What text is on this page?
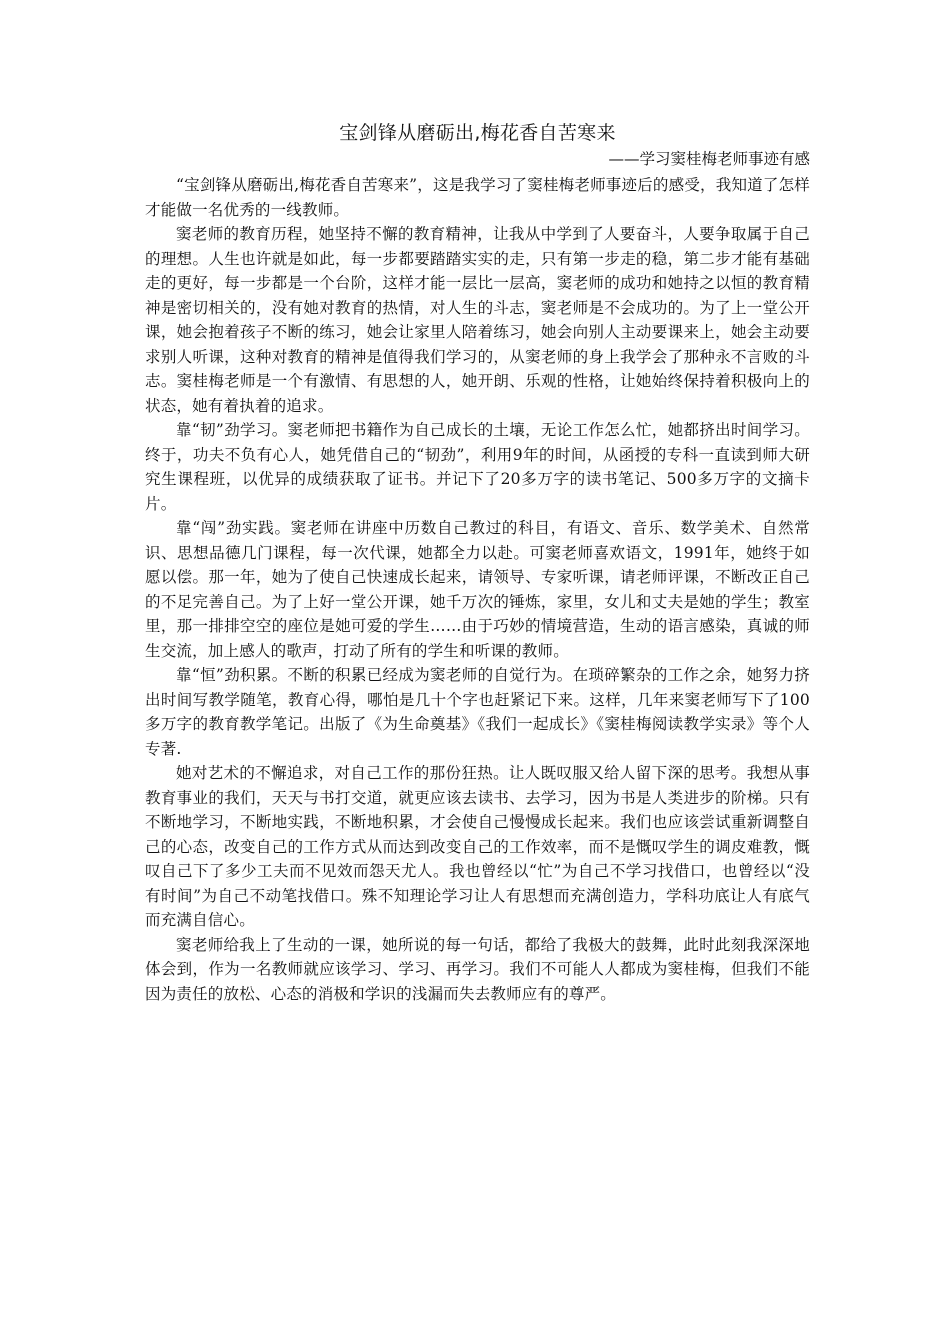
宝剑锋从磨砺出,梅花香自苦寒来
——学习窦桂梅老师事迹有感

“宝剑锋从磨砺出,梅花香自苦寒来”，这是我学习了窦桂梅老师事迹后的感受，我知道了怎样才能做一名优秀的一线教师。

窦老师的教育历程，她坚持不懈的教育精神，让我从中学到了人要奋斗，人要争取属于自己的理想。人生也许就是如此，每一步都要踏踏实实的走，只有第一步走的稳，第二步才能有基础走的更好，每一步都是一个台阶，这样才能一层比一层高，窦老师的成功和她持之以恒的教育精神是密切相关的，没有她对教育的热情，对人生的斗志，窦老师是不会成功的。为了上一堂公开课，她会抱着孩子不断的练习，她会让家里人陪着练习，她会向别人主动要课来上，她会主动要求别人听课，这种对教育的精神是值得我们学习的，从窦老师的身上我学会了那种永不言败的斗志。窦桂梅老师是一个有激情、有思想的人，她开朗、乐观的性格，让她始终保持着积极向上的状态，她有着执着的追求。

靠“韧”劲学习。窦老师把书籍作为自己成长的土壤，无论工作怎么忙，她都挤出时间学习。终于，功夫不负有心人，她凭借自己的“韧劲”，利用9年的时间，从函授的专科一直读到师大研究生课程班，以优异的成绩获取了证书。并记下了20多万字的读书笔记、500多万字的文摘卡片。

靠“闯”劲实践。窦老师在讲座中历数自己教过的科目，有语文、音乐、数学美术、自然常识、思想品德几门课程，每一次代课，她都全力以赴。可窦老师喜欢语文，1991年，她终于如愿以偿。那一年，她为了使自己快速成长起来，请领导、专家听课，请老师评课，不断改正自己的不足完善自己。为了上好一堂公开课，她千万次的锤炼，家里，女儿和丈夫是她的学生；教室里，那一排排空空的座位是她可爱的学生……由于巧妙的情境营造，生动的语言感染，真诚的师生交流，加上感人的歌声，打动了所有的学生和听课的教师。

靠“恒”劲积累。不断的积累已经成为窦老师的自觉行为。在琐碎繁杂的工作之余，她努力挤出时间写教学随笔，教育心得，哪怕是几十个字也赶紧记下来。这样，几年来窦老师写下了100多万字的教育教学笔记。出版了《为生命奠基》《我们一起成长》《窦桂梅阅读教学实录》等个人专著.

她对艺术的不懈追求，对自己工作的那份狂热。让人既叹服又给人留下深的思考。我想从事教育事业的我们，天天与书打交道，就更应该去读书、去学习，因为书是人类进步的阶梯。只有不断地学习，不断地实践，不断地积累，才会使自己慢慢成长起来。我们也应该尝试重新调整自己的心态，改变自己的工作方式从而达到改变自己的工作效率，而不是慨叹学生的调皮难教，慨叹自己下了多少工夫而不见效而怨天尤人。我也曾经以“忙”为自己不学习找借口，也曾经以“没有时间”为自己不动笔找借口。殊不知理论学习让人有思想而充满创造力，学科功底让人有底气而充满自信心。

窦老师给我上了生动的一课，她所说的每一句话，都给了我极大的鼓舞，此时此刻我深深地体会到，作为一名教师就应该学习、学习、再学习。我们不可能人人都成为窦桂梅，但我们不能因为责任的放松、心态的消极和学识的浅漏而失去教师应有的尊严。
